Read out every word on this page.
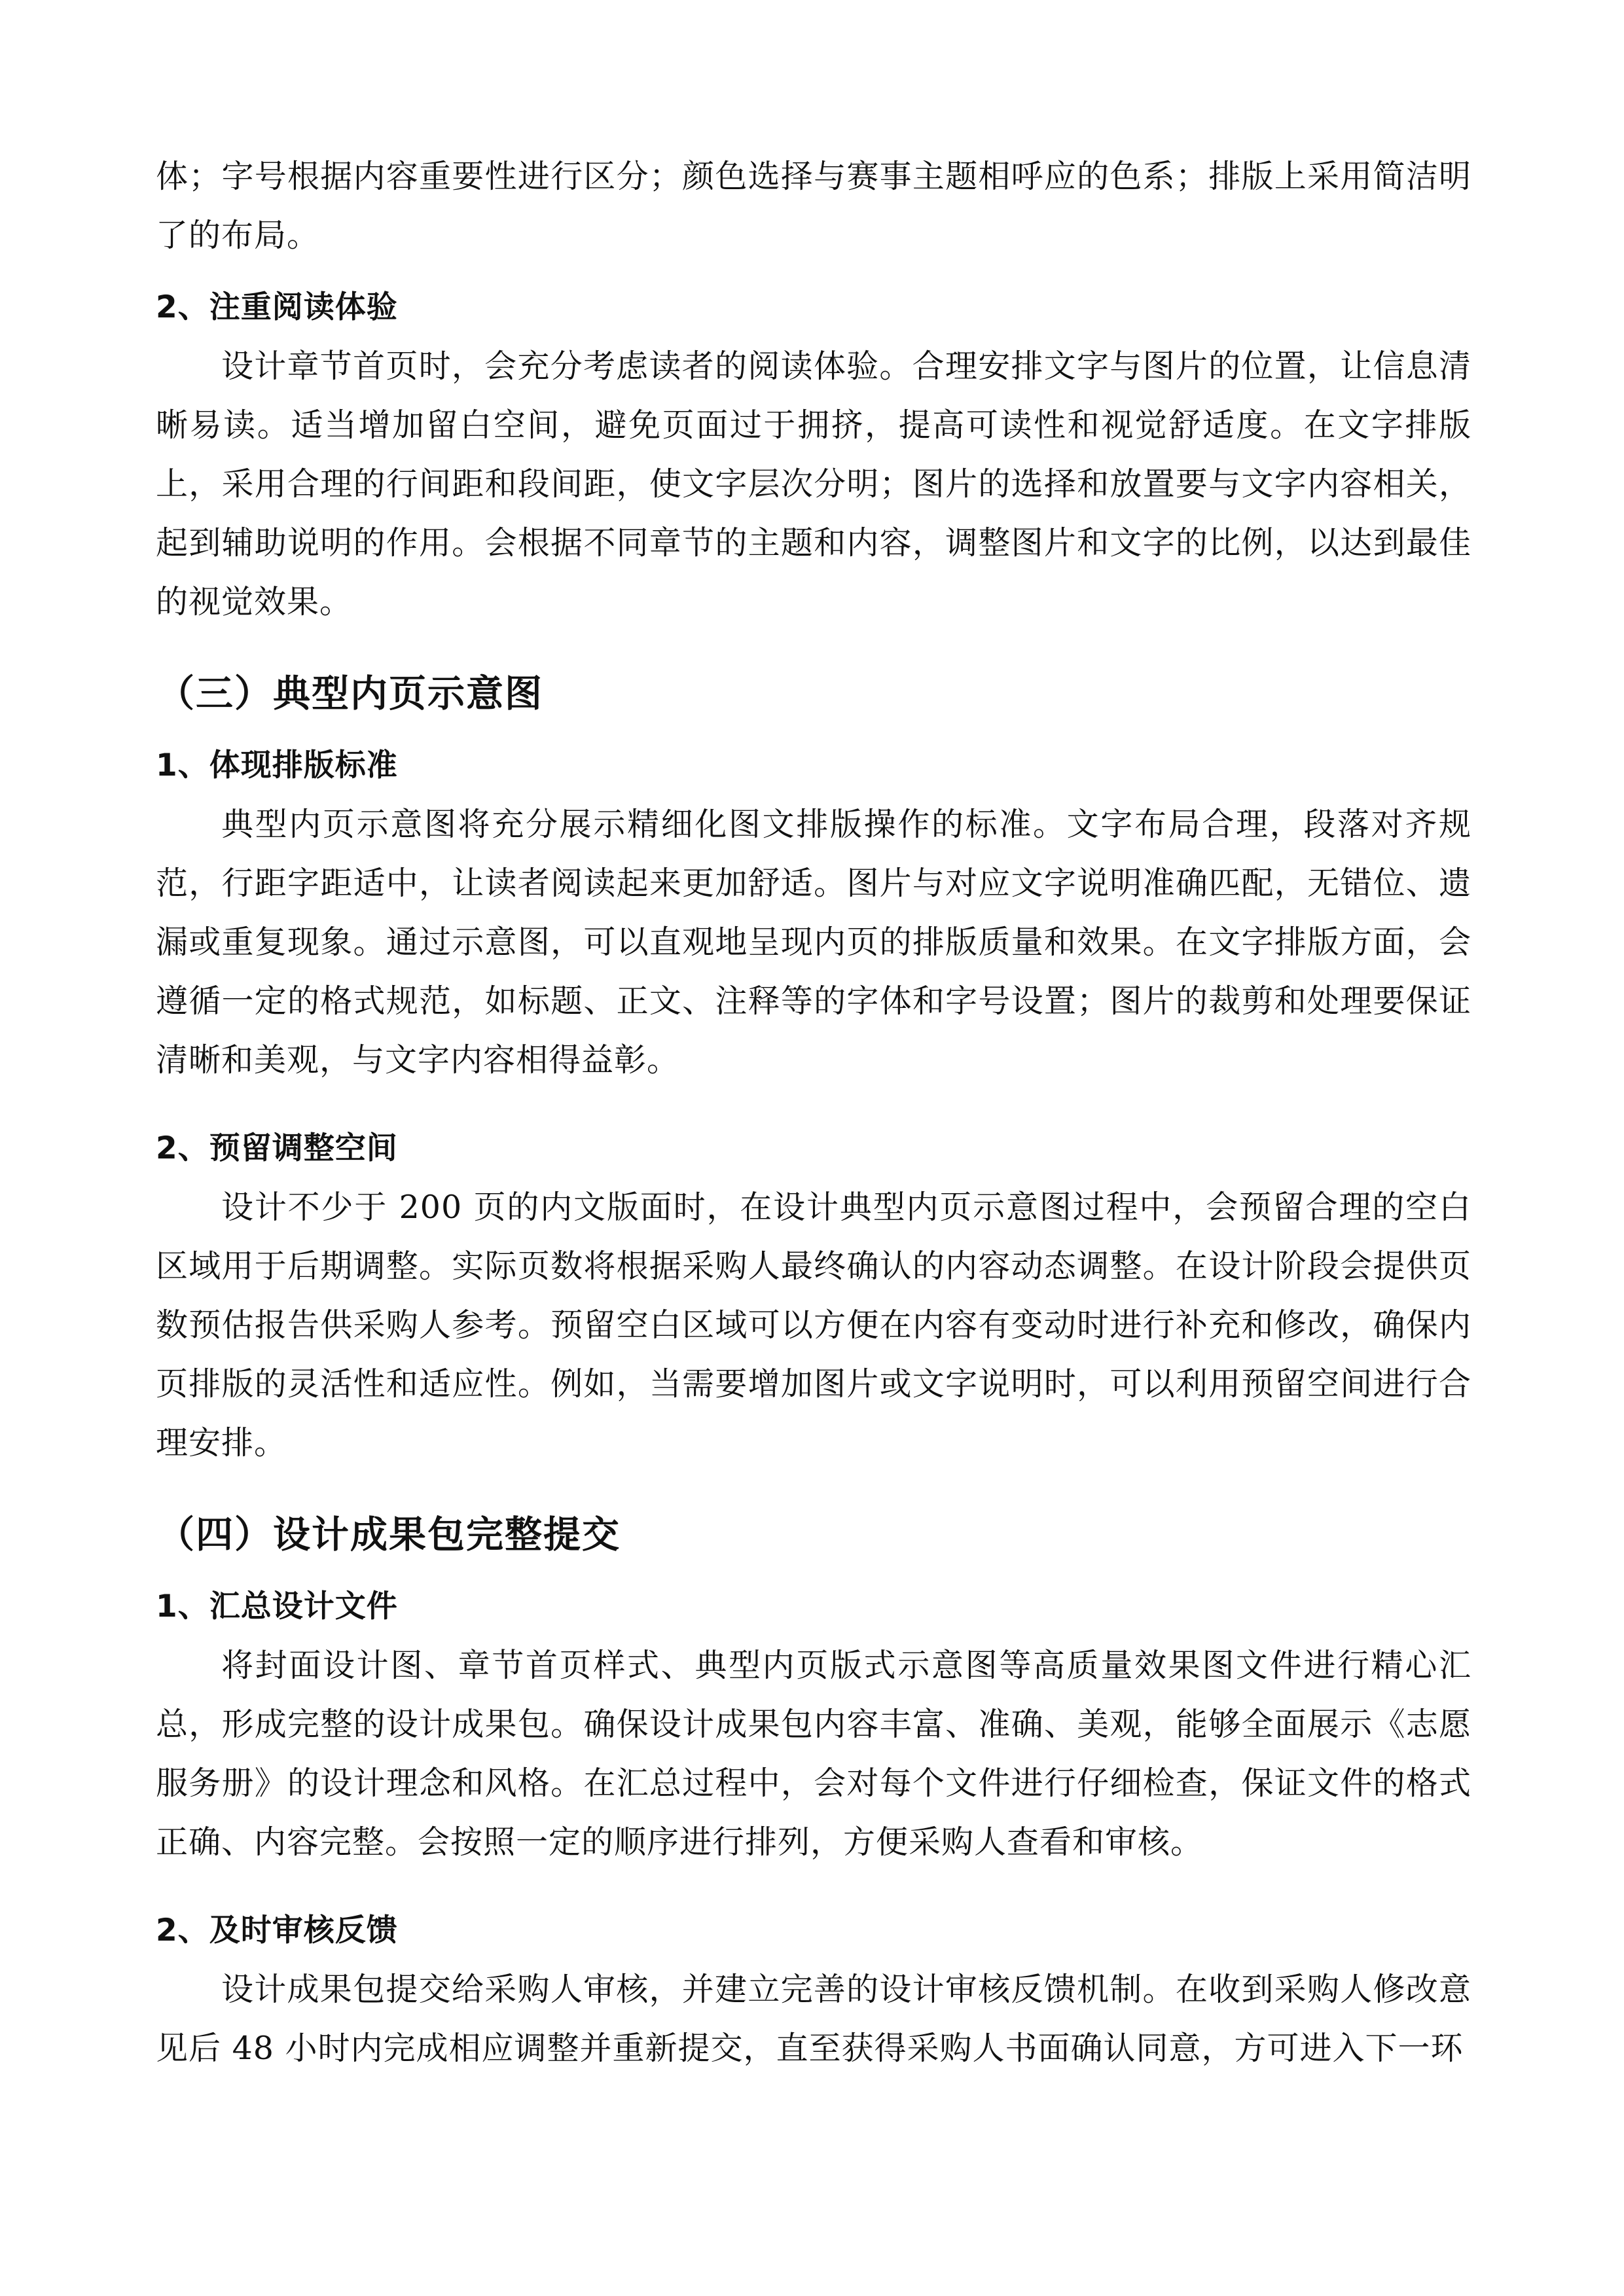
体；字号根据内容重要性进行区分；颜色选择与赛事主题相呼应的色系；排版上采用简洁明了的布局。

2、注重阅读体验

设计章节首页时，会充分考虑读者的阅读体验。合理安排文字与图片的位置，让信息清晰易读。适当增加留白空间，避免页面过于拥挤，提高可读性和视觉舒适度。在文字排版上，采用合理的行间距和段间距，使文字层次分明；图片的选择和放置要与文字内容相关，起到辅助说明的作用。会根据不同章节的主题和内容，调整图片和文字的比例，以达到最佳的视觉效果。

（三）典型内页示意图

1、体现排版标准

典型内页示意图将充分展示精细化图文排版操作的标准。文字布局合理，段落对齐规范，行距字距适中，让读者阅读起来更加舒适。图片与对应文字说明准确匹配，无错位、遗漏或重复现象。通过示意图，可以直观地呈现内页的排版质量和效果。在文字排版方面，会遵循一定的格式规范，如标题、正文、注释等的字体和字号设置；图片的裁剪和处理要保证清晰和美观，与文字内容相得益彰。

2、预留调整空间

设计不少于 200 页的内文版面时，在设计典型内页示意图过程中，会预留合理的空白区域用于后期调整。实际页数将根据采购人最终确认的内容动态调整。在设计阶段会提供页数预估报告供采购人参考。预留空白区域可以方便在内容有变动时进行补充和修改，确保内页排版的灵活性和适应性。例如，当需要增加图片或文字说明时，可以利用预留空间进行合理安排。

（四）设计成果包完整提交

1、汇总设计文件

将封面设计图、章节首页样式、典型内页版式示意图等高质量效果图文件进行精心汇总，形成完整的设计成果包。确保设计成果包内容丰富、准确、美观，能够全面展示《志愿服务册》的设计理念和风格。在汇总过程中，会对每个文件进行仔细检查，保证文件的格式正确、内容完整。会按照一定的顺序进行排列，方便采购人查看和审核。

2、及时审核反馈

设计成果包提交给采购人审核，并建立完善的设计审核反馈机制。在收到采购人修改意见后 48 小时内完成相应调整并重新提交，直至获得采购人书面确认同意，方可进入下一环
